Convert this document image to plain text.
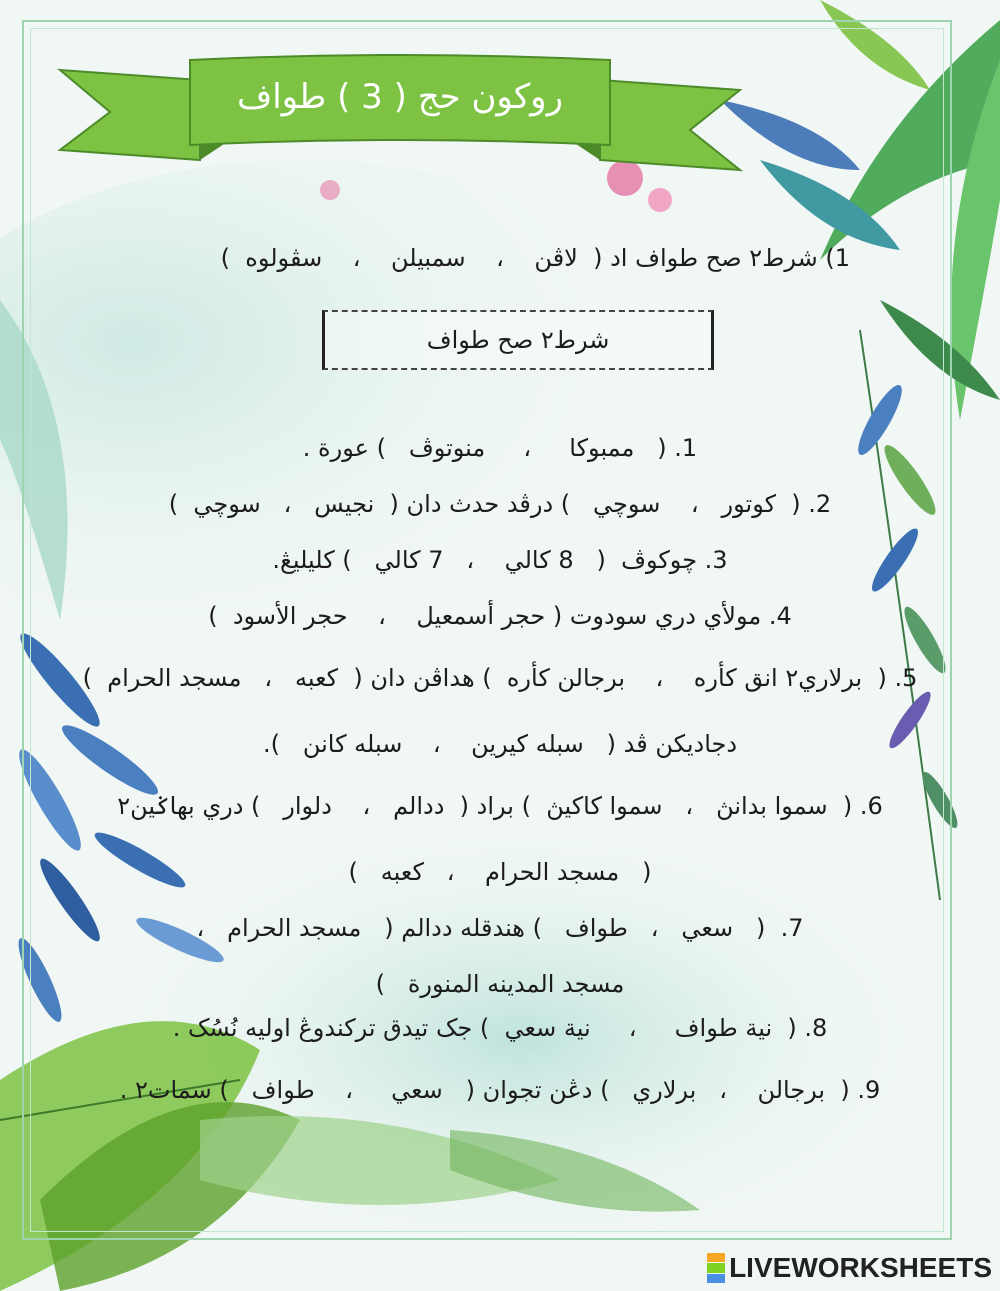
روكون حج ( 3 ) طواف
1) شرط٢ صح طواف اد (  لاڤن    ،    سمبيلن    ،    سڤولوه  )
شرط٢ صح طواف
1. (   ممبوكا     ،     منوتوڤ   ) عورة .
2. (  كوتور   ،    سوچي   ) درڤد حدث دان (  نجيس   ،   سوچي  )
3. چوكوڤ  (   8 كالي    ،   7 كالي   ) كليليڠ.
4. مولأي دري سودوت ( حجر أسمعيل    ،    حجر الأسود  )
5. (  برلاري٢ انق كأره    ،    برجالن كأره  ) هداڤن دان (  كعبه   ،   مسجد الحرام  )
دجاديكن ڤد (   سبله كيرين    ،    سبله كانن   ).
6. (  سموا بدانڽ   ،   سموا كاكيڽ  ) براد (  ددالم   ،    دلوار   ) دري بهاݢين٢
(   مسجد الحرام    ،   كعبه   )
7.  (   سعي   ،   طواف   ) هندقله ددالم (   مسجد الحرام   ،
مسجد المدينه المنورة   )
8. (  نية طواف     ،     نية سعي  ) جک تيدق تركندوڠ اوليه نُسُک .
9. (  برجالن    ،   برلاري   ) دڠن تجوان (   سعي     ،    طواف   ) سمات٢ .
LIVEWORKSHEETS
